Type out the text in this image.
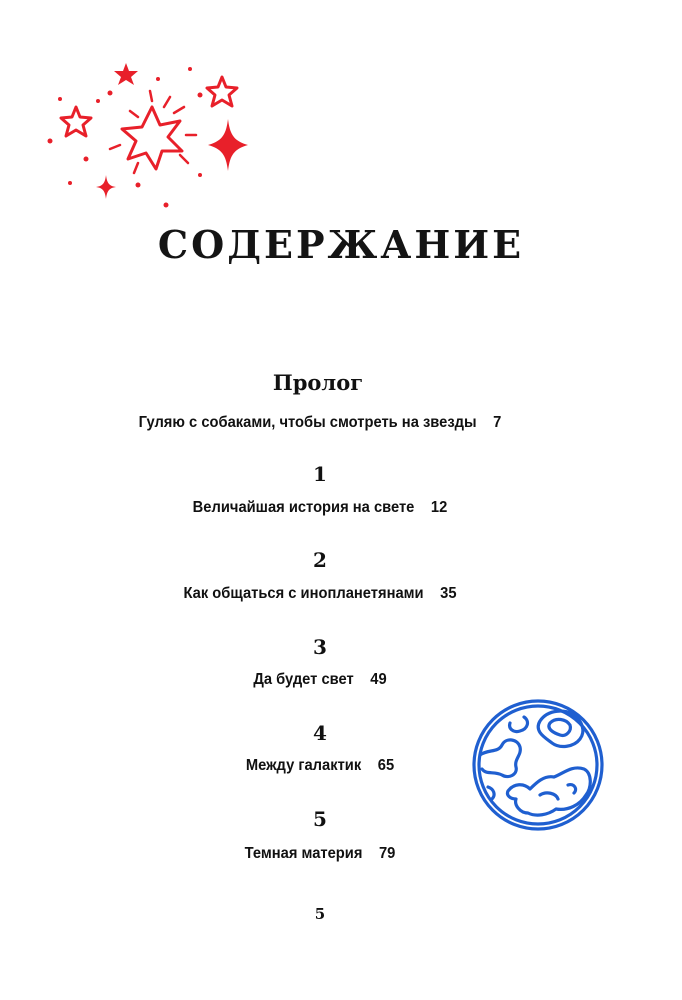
СОДЕРЖАНИЕ
Пролог
Гуляю с собаками, чтобы смотреть на звезды 7
1
Величайшая история на свете 12
2
Как общаться с инопланетянами 35
3
Да будет свет 49
4
Между галактик 65
5
Темная материя 79
5
